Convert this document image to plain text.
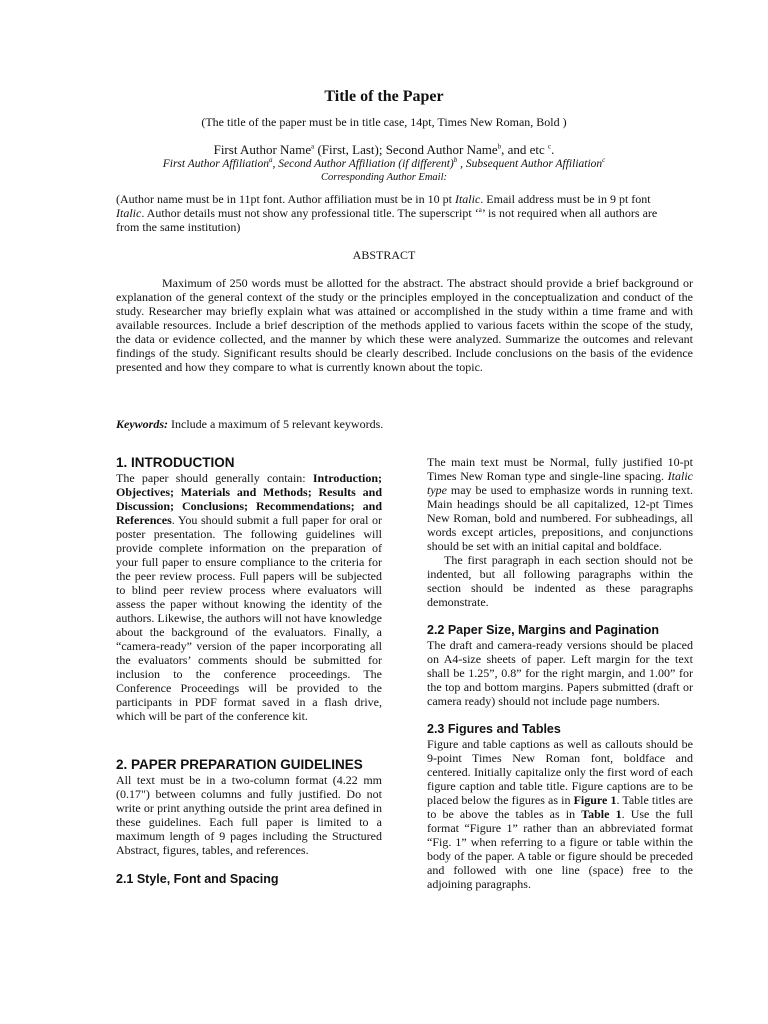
Title of the Paper
(The title of the paper must be in title case, 14pt, Times New Roman, Bold )
First Author Name$^a$ (First, Last); Second Author Name$^b$, and etc $^c$.
First Author Affiliation$^a$, Second Author Affiliation (if different)$^b$ , Subsequent Author Affiliation$^c$
Corresponding Author Email:
(Author name must be in 11pt font. Author affiliation must be in 10 pt Italic. Email address must be in 9 pt font Italic. Author details must not show any professional title. The superscript ‘$^a$’ is not required when all authors are from the same institution)
ABSTRACT
Maximum of 250 words must be allotted for the abstract. The abstract should provide a brief background or explanation of the general context of the study or the principles employed in the conceptualization and conduct of the study. Researcher may briefly explain what was attained or accomplished in the study within a time frame and with available resources. Include a brief description of the methods applied to various facets within the scope of the study, the data or evidence collected, and the manner by which these were analyzed. Summarize the outcomes and relevant findings of the study. Significant results should be clearly described. Include conclusions on the basis of the evidence presented and how they compare to what is currently known about the topic.
Keywords: Include a maximum of 5 relevant keywords.
1. INTRODUCTION

The paper should generally contain: Introduction; Objectives; Materials and Methods; Results and Discussion; Conclusions; Recommendations; and References. You should submit a full paper for oral or poster presentation. The following guidelines will provide complete information on the preparation of your full paper to ensure compliance to the criteria for the peer review process. Full papers will be subjected to blind peer review process where evaluators will assess the paper without knowing the identity of the authors. Likewise, the authors will not have knowledge about the background of the evaluators. Finally, a “camera-ready” version of the paper incorporating all the evaluators’ comments should be submitted for inclusion to the conference proceedings. The Conference Proceedings will be provided to the participants in PDF format saved in a flash drive, which will be part of the conference kit.

2. PAPER PREPARATION GUIDELINES

All text must be in a two-column format (4.22 mm (0.17") between columns and fully justified. Do not write or print anything outside the print area defined in these guidelines. Each full paper is limited to a maximum length of 9 pages including the Structured Abstract, figures, tables, and references.

2.1 Style, Font and Spacing

The main text must be Normal, fully justified 10-pt Times New Roman type and single-line spacing. Italic type may be used to emphasize words in running text. Main headings should be all capitalized, 12-pt Times New Roman, bold and numbered. For subheadings, all words except articles, prepositions, and conjunctions should be set with an initial capital and boldface.

The first paragraph in each section should not be indented, but all following paragraphs within the section should be indented as these paragraphs demonstrate.

2.2 Paper Size, Margins and Pagination

The draft and camera-ready versions should be placed on A4-size sheets of paper. Left margin for the text shall be 1.25”, 0.8” for the right margin, and 1.00” for the top and bottom margins. Papers submitted (draft or camera ready) should not include page numbers.

2.3 Figures and Tables

Figure and table captions as well as callouts should be 9-point Times New Roman font, boldface and centered. Initially capitalize only the first word of each figure caption and table title. Figure captions are to be placed below the figures as in Figure 1. Table titles are to be above the tables as in Table 1. Use the full format “Figure 1” rather than an abbreviated format “Fig. 1” when referring to a figure or table within the body of the paper. A table or figure should be preceded and followed with one line (space) free to the adjoining paragraphs.
